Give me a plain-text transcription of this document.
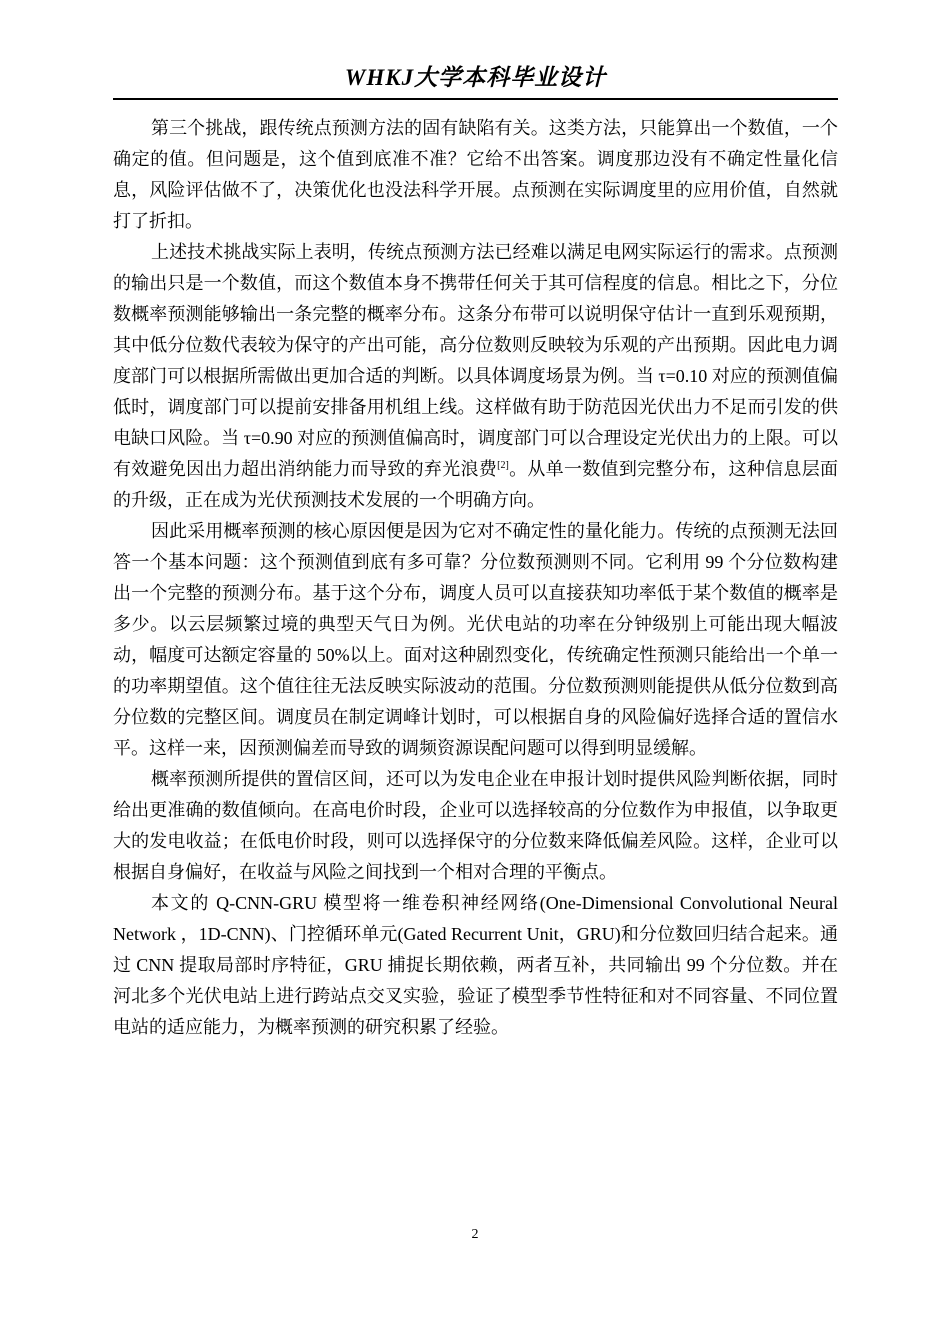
WHKJ大学本科毕业设计

第三个挑战，跟传统点预测方法的固有缺陷有关。这类方法，只能算出一个数值，一个确定的值。但问题是，这个值到底准不准？它给不出答案。调度那边没有不确定性量化信息，风险评估做不了，决策优化也没法科学开展。点预测在实际调度里的应用价值，自然就打了折扣。

上述技术挑战实际上表明，传统点预测方法已经难以满足电网实际运行的需求。点预测的输出只是一个数值，而这个数值本身不携带任何关于其可信程度的信息。相比之下，分位数概率预测能够输出一条完整的概率分布。这条分布带可以说明保守估计一直到乐观预期，其中低分位数代表较为保守的产出可能，高分位数则反映较为乐观的产出预期。因此电力调度部门可以根据所需做出更加合适的判断。以具体调度场景为例。当 τ=0.10 对应的预测值偏低时，调度部门可以提前安排备用机组上线。这样做有助于防范因光伏出力不足而引发的供电缺口风险。当 τ=0.90 对应的预测值偏高时，调度部门可以合理设定光伏出力的上限。可以有效避免因出力超出消纳能力而导致的弃光浪费[2]。从单一数值到完整分布，这种信息层面的升级，正在成为光伏预测技术发展的一个明确方向。

因此采用概率预测的核心原因便是因为它对不确定性的量化能力。传统的点预测无法回答一个基本问题：这个预测值到底有多可靠？分位数预测则不同。它利用 99 个分位数构建出一个完整的预测分布。基于这个分布，调度人员可以直接获知功率低于某个数值的概率是多少。以云层频繁过境的典型天气日为例。光伏电站的功率在分钟级别上可能出现大幅波动，幅度可达额定容量的 50%以上。面对这种剧烈变化，传统确定性预测只能给出一个单一的功率期望值。这个值往往无法反映实际波动的范围。分位数预测则能提供从低分位数到高分位数的完整区间。调度员在制定调峰计划时，可以根据自身的风险偏好选择合适的置信水平。这样一来，因预测偏差而导致的调频资源误配问题可以得到明显缓解。

概率预测所提供的置信区间，还可以为发电企业在申报计划时提供风险判断依据，同时给出更准确的数值倾向。在高电价时段，企业可以选择较高的分位数作为申报值，以争取更大的发电收益；在低电价时段，则可以选择保守的分位数来降低偏差风险。这样，企业可以根据自身偏好，在收益与风险之间找到一个相对合理的平衡点。

本文的 Q-CNN-GRU 模型将一维卷积神经网络(One-Dimensional Convolutional Neural Network ，1D-CNN)、门控循环单元(Gated Recurrent Unit，GRU)和分位数回归结合起来。通过 CNN 提取局部时序特征，GRU 捕捉长期依赖，两者互补，共同输出 99 个分位数。并在河北多个光伏电站上进行跨站点交叉实验，验证了模型季节性特征和对不同容量、不同位置电站的适应能力，为概率预测的研究积累了经验。

2
